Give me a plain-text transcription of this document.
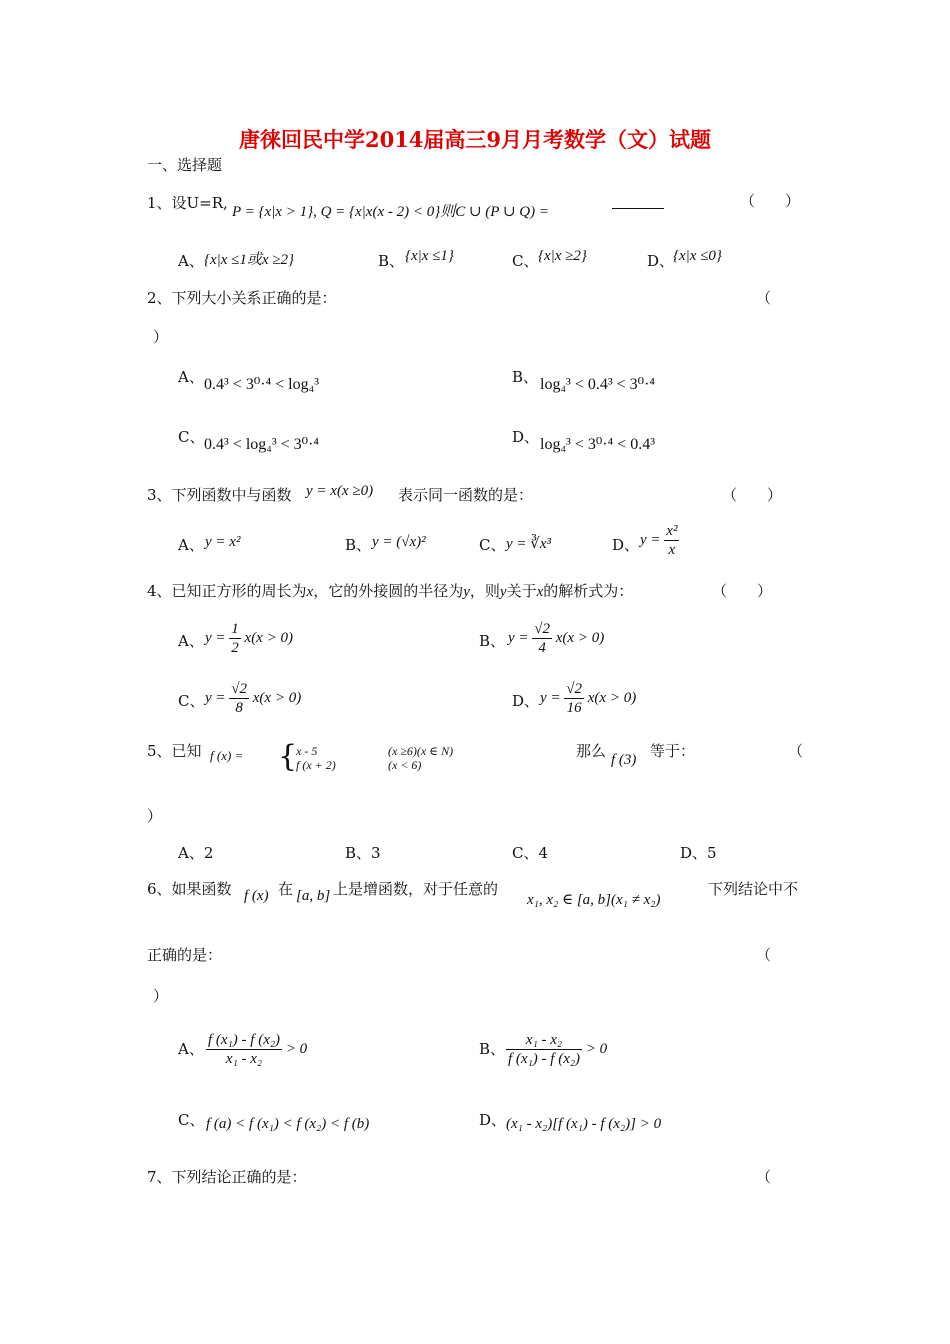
唐徕回民中学2014届高三9月月考数学（文）试题
一、选择题
1、设U=R, P = {x|x > 1}, Q = {x|x(x - 2) < 0}则C ∪ (P ∪ Q) =
（　　）
A、 {x|x ≤1或x ≥2}	B、 {x|x ≤1}	C、 {x|x ≥2}	D、
{x|x ≤0}
2、下列大小关系正确的是：	（
）
A、 0.4³ < 3⁰·⁴ < log₄³	B、 log₄³ < 0.4³ < 3⁰·⁴
C、 0.4³ < log₄³ < 3⁰·⁴	D、 log₄³ < 3⁰·⁴ < 0.4³
3、下列函数中与函数 y = x(x ≥0) 表示同一函数的是：	（　　）
A、 y = x²	B、 y = (√x)²	C、 y = ∛x³	D、 $y = \frac{\text{x²}}{x}$
4、已知正方形的周长为x，它的外接圆的半径为y，则y关于x的解析式为：	（　　）
A、 $y = \frac{1}{2} x(x > 0)$	B、 $y = \frac{√2}{4} x(x > 0)$
C、 $y = \frac{√2}{8} x(x > 0)$	D、 $y = \frac{√2}{16} x(x > 0)$
5、已知 f (x) = {
x - 5
f (x + 2)
(x ≥6)(x ∈ N)
(x < 6)
那么 f (3) 等于：	（
）
A、2	B、3	C、4	D、5
6、如果函数 f (x) 在 [a, b] 上是增函数，对于任意的
x₁, x₂ ∈ [a, b](x₁ ≠ x₂)
下列结论中不
正确的是：	（
）
A、 $\frac{\text{f (x₁) - f (x₂)}}{\text{x₁ - x₂}} > 0$	B、 $\frac{\text{x₁ - x₂}}{\text{f (x₁) - f (x₂)}} > 0$
C、 f (a) < f (x₁) < f (x₂) < f (b)	D、 (x₁ - x₂)[f (x₁) - f (x₂)] > 0
7、下列结论正确的是：	（
